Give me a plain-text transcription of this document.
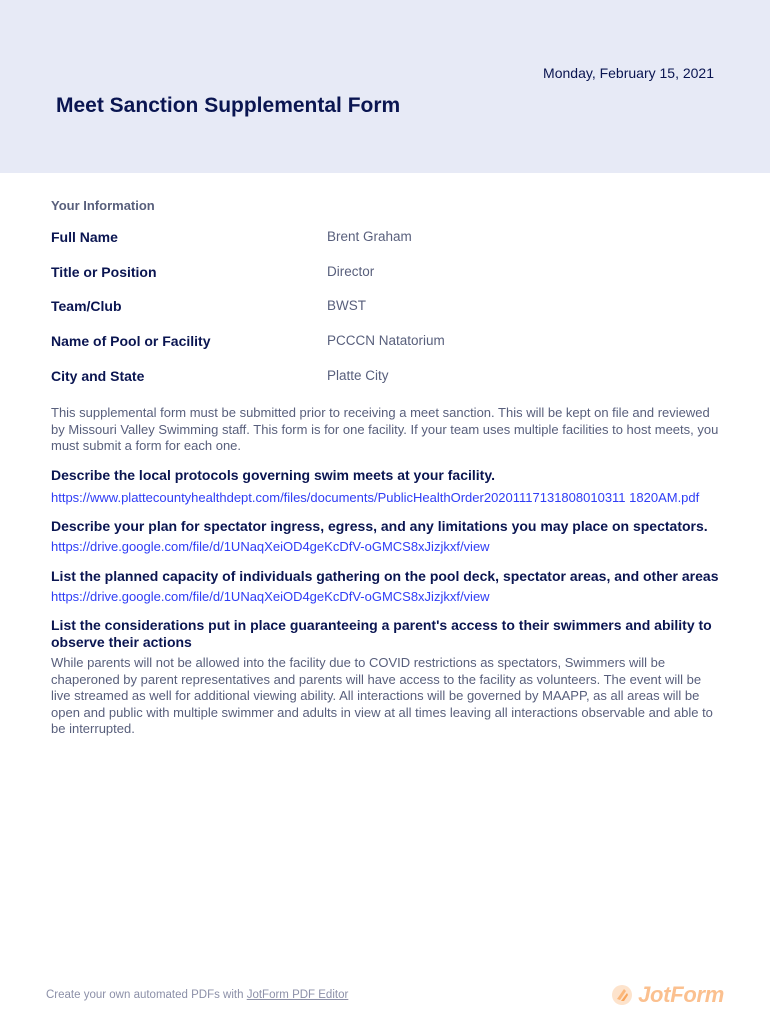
Monday, February 15, 2021
Meet Sanction Supplemental Form
Your Information
Full Name	Brent Graham
Title or Position	Director
Team/Club	BWST
Name of Pool or Facility	PCCCN Natatorium
City and State	Platte City

This supplemental form must be submitted prior to receiving a meet sanction. This will be kept on file and reviewed by Missouri Valley Swimming staff. This form is for one facility. If your team uses multiple facilities to host meets, you must submit a form for each one.

Describe the local protocols governing swim meets at your facility.
https://www.plattecountyhealthdept.com/files/documents/PublicHealthOrder20201117131808010311 1820AM.pdf
Describe your plan for spectator ingress, egress, and any limitations you may place on spectators.
https://drive.google.com/file/d/1UNaqXeiOD4geKcDfV-oGMCS8xJizjkxf/view
List the planned capacity of individuals gathering on the pool deck, spectator areas, and other areas
https://drive.google.com/file/d/1UNaqXeiOD4geKcDfV-oGMCS8xJizjkxf/view
List the considerations put in place guaranteeing a parent's access to their swimmers and ability to observe their actions

While parents will not be allowed into the facility due to COVID restrictions as spectators, Swimmers will be chaperoned by parent representatives and parents will have access to the facility as volunteers. The event will be live streamed as well for additional viewing ability. All interactions will be governed by MAAPP, as all areas will be open and public with multiple swimmer and adults in view at all times leaving all interactions observable and able to be interrupted.

Create your own automated PDFs with JotForm PDF Editor	JotForm
